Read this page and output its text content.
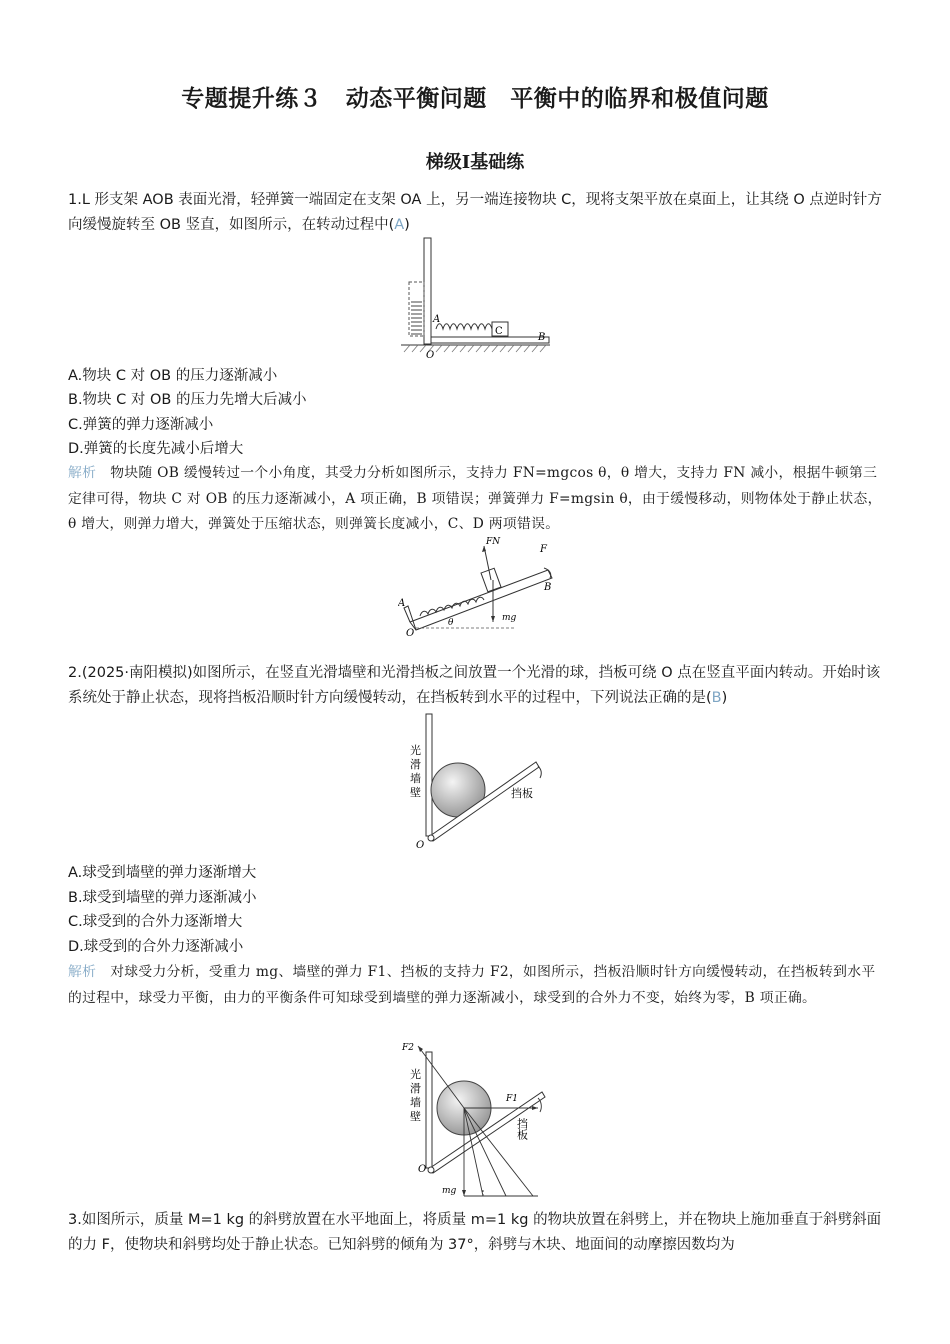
专题提升练３　动态平衡问题　平衡中的临界和极值问题
梯级Ⅰ基础练
1.L 形支架 AOB 表面光滑，轻弹簧一端固定在支架 OA 上，另一端连接物块 C，现将支架平放在桌面上，让其绕 O 点逆时针方向缓慢旋转至 OB 竖直，如图所示，在转动过程中(A)
C
A
O
B
A.物块 C 对 OB 的压力逐渐减小
B.物块 C 对 OB 的压力先增大后减小
C.弹簧的弹力逐渐减小
D.弹簧的长度先减小后增大
解析 物块随 OB 缓慢转过一个小角度，其受力分析如图所示，支持力 FN=mgcos θ，θ 增大，支持力 FN 减小，根据牛顿第三定律可得，物块 C 对 OB 的压力逐渐减小，A 项正确，B 项错误；弹簧弹力 F=mgsin θ，由于缓慢移动，则物体处于静止状态，θ 增大，则弹力增大，弹簧处于压缩状态，则弹簧长度减小，C、D 两项错误。
FN
F
B
A
mg
O
θ
2.(2025·南阳模拟)如图所示，在竖直光滑墙壁和光滑挡板之间放置一个光滑的球，挡板可绕 O 点在竖直平面内转动。开始时该系统处于静止状态，现将挡板沿顺时针方向缓慢转动，在挡板转到水平的过程中，下列说法正确的是(B)
光
滑
墙
壁	挡板
O
A.球受到墙壁的弹力逐渐增大
B.球受到墙壁的弹力逐渐减小
C.球受到的合外力逐渐增大
D.球受到的合外力逐渐减小
解析 对球受力分析，受重力 mg、墙壁的弹力 F1、挡板的支持力 F2，如图所示，挡板沿顺时针方向缓慢转动，在挡板转到水平的过程中，球受力平衡，由力的平衡条件可知球受到墙壁的弹力逐渐减小，球受到的合外力不变，始终为零，B 项正确。
F2
F1
光
滑
墙
壁
挡板
O
mg
3.如图所示，质量 M=1 kg 的斜劈放置在水平地面上，将质量 m=1 kg 的物块放置在斜劈上，并在物块上施加垂直于斜劈斜面的力 F，使物块和斜劈均处于静止状态。已知斜劈的倾角为 37°，斜劈与木块、地面间的动摩擦因数均为
